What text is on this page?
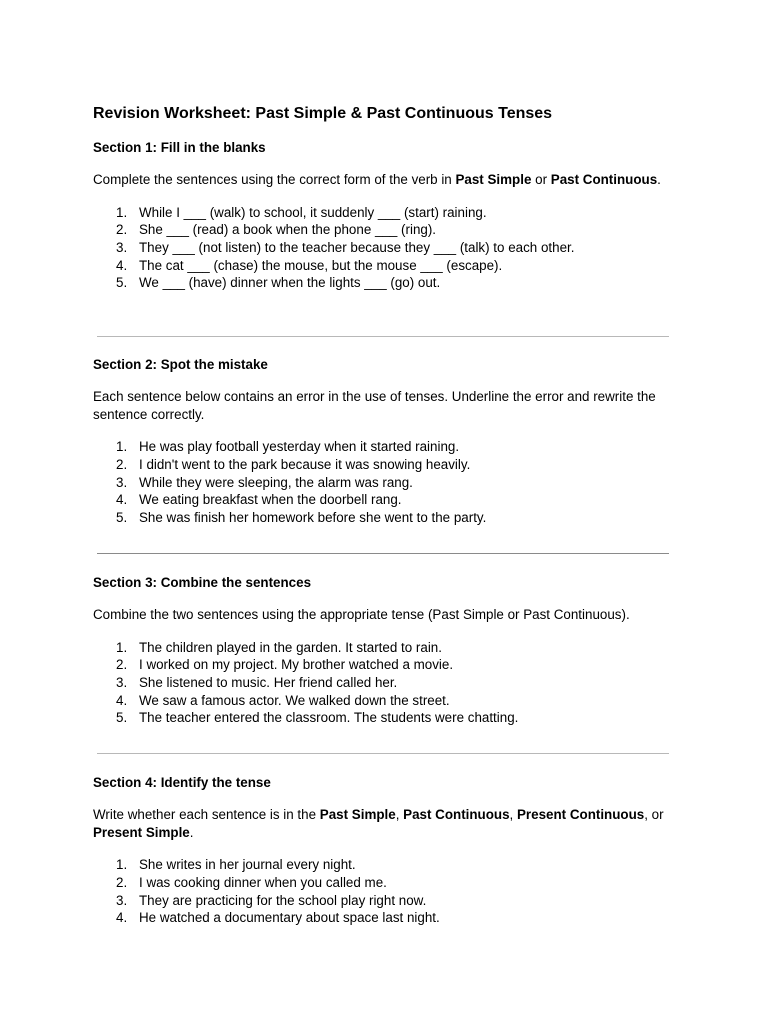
Revision Worksheet: Past Simple & Past Continuous Tenses
Section 1: Fill in the blanks

Complete the sentences using the correct form of the verb in Past Simple or Past Continuous.

1. While I ___ (walk) to school, it suddenly ___ (start) raining.
2. She ___ (read) a book when the phone ___ (ring).
3. They ___ (not listen) to the teacher because they ___ (talk) to each other.
4. The cat ___ (chase) the mouse, but the mouse ___ (escape).
5. We ___ (have) dinner when the lights ___ (go) out.
Section 2: Spot the mistake

Each sentence below contains an error in the use of tenses. Underline the error and rewrite the sentence correctly.

1. He was play football yesterday when it started raining.
2. I didn't went to the park because it was snowing heavily.
3. While they were sleeping, the alarm was rang.
4. We eating breakfast when the doorbell rang.
5. She was finish her homework before she went to the party.
Section 3: Combine the sentences

Combine the two sentences using the appropriate tense (Past Simple or Past Continuous).

1. The children played in the garden. It started to rain.
2. I worked on my project. My brother watched a movie.
3. She listened to music. Her friend called her.
4. We saw a famous actor. We walked down the street.
5. The teacher entered the classroom. The students were chatting.
Section 4: Identify the tense

Write whether each sentence is in the Past Simple, Past Continuous, Present Continuous, or Present Simple.

1. She writes in her journal every night.
2. I was cooking dinner when you called me.
3. They are practicing for the school play right now.
4. He watched a documentary about space last night.
